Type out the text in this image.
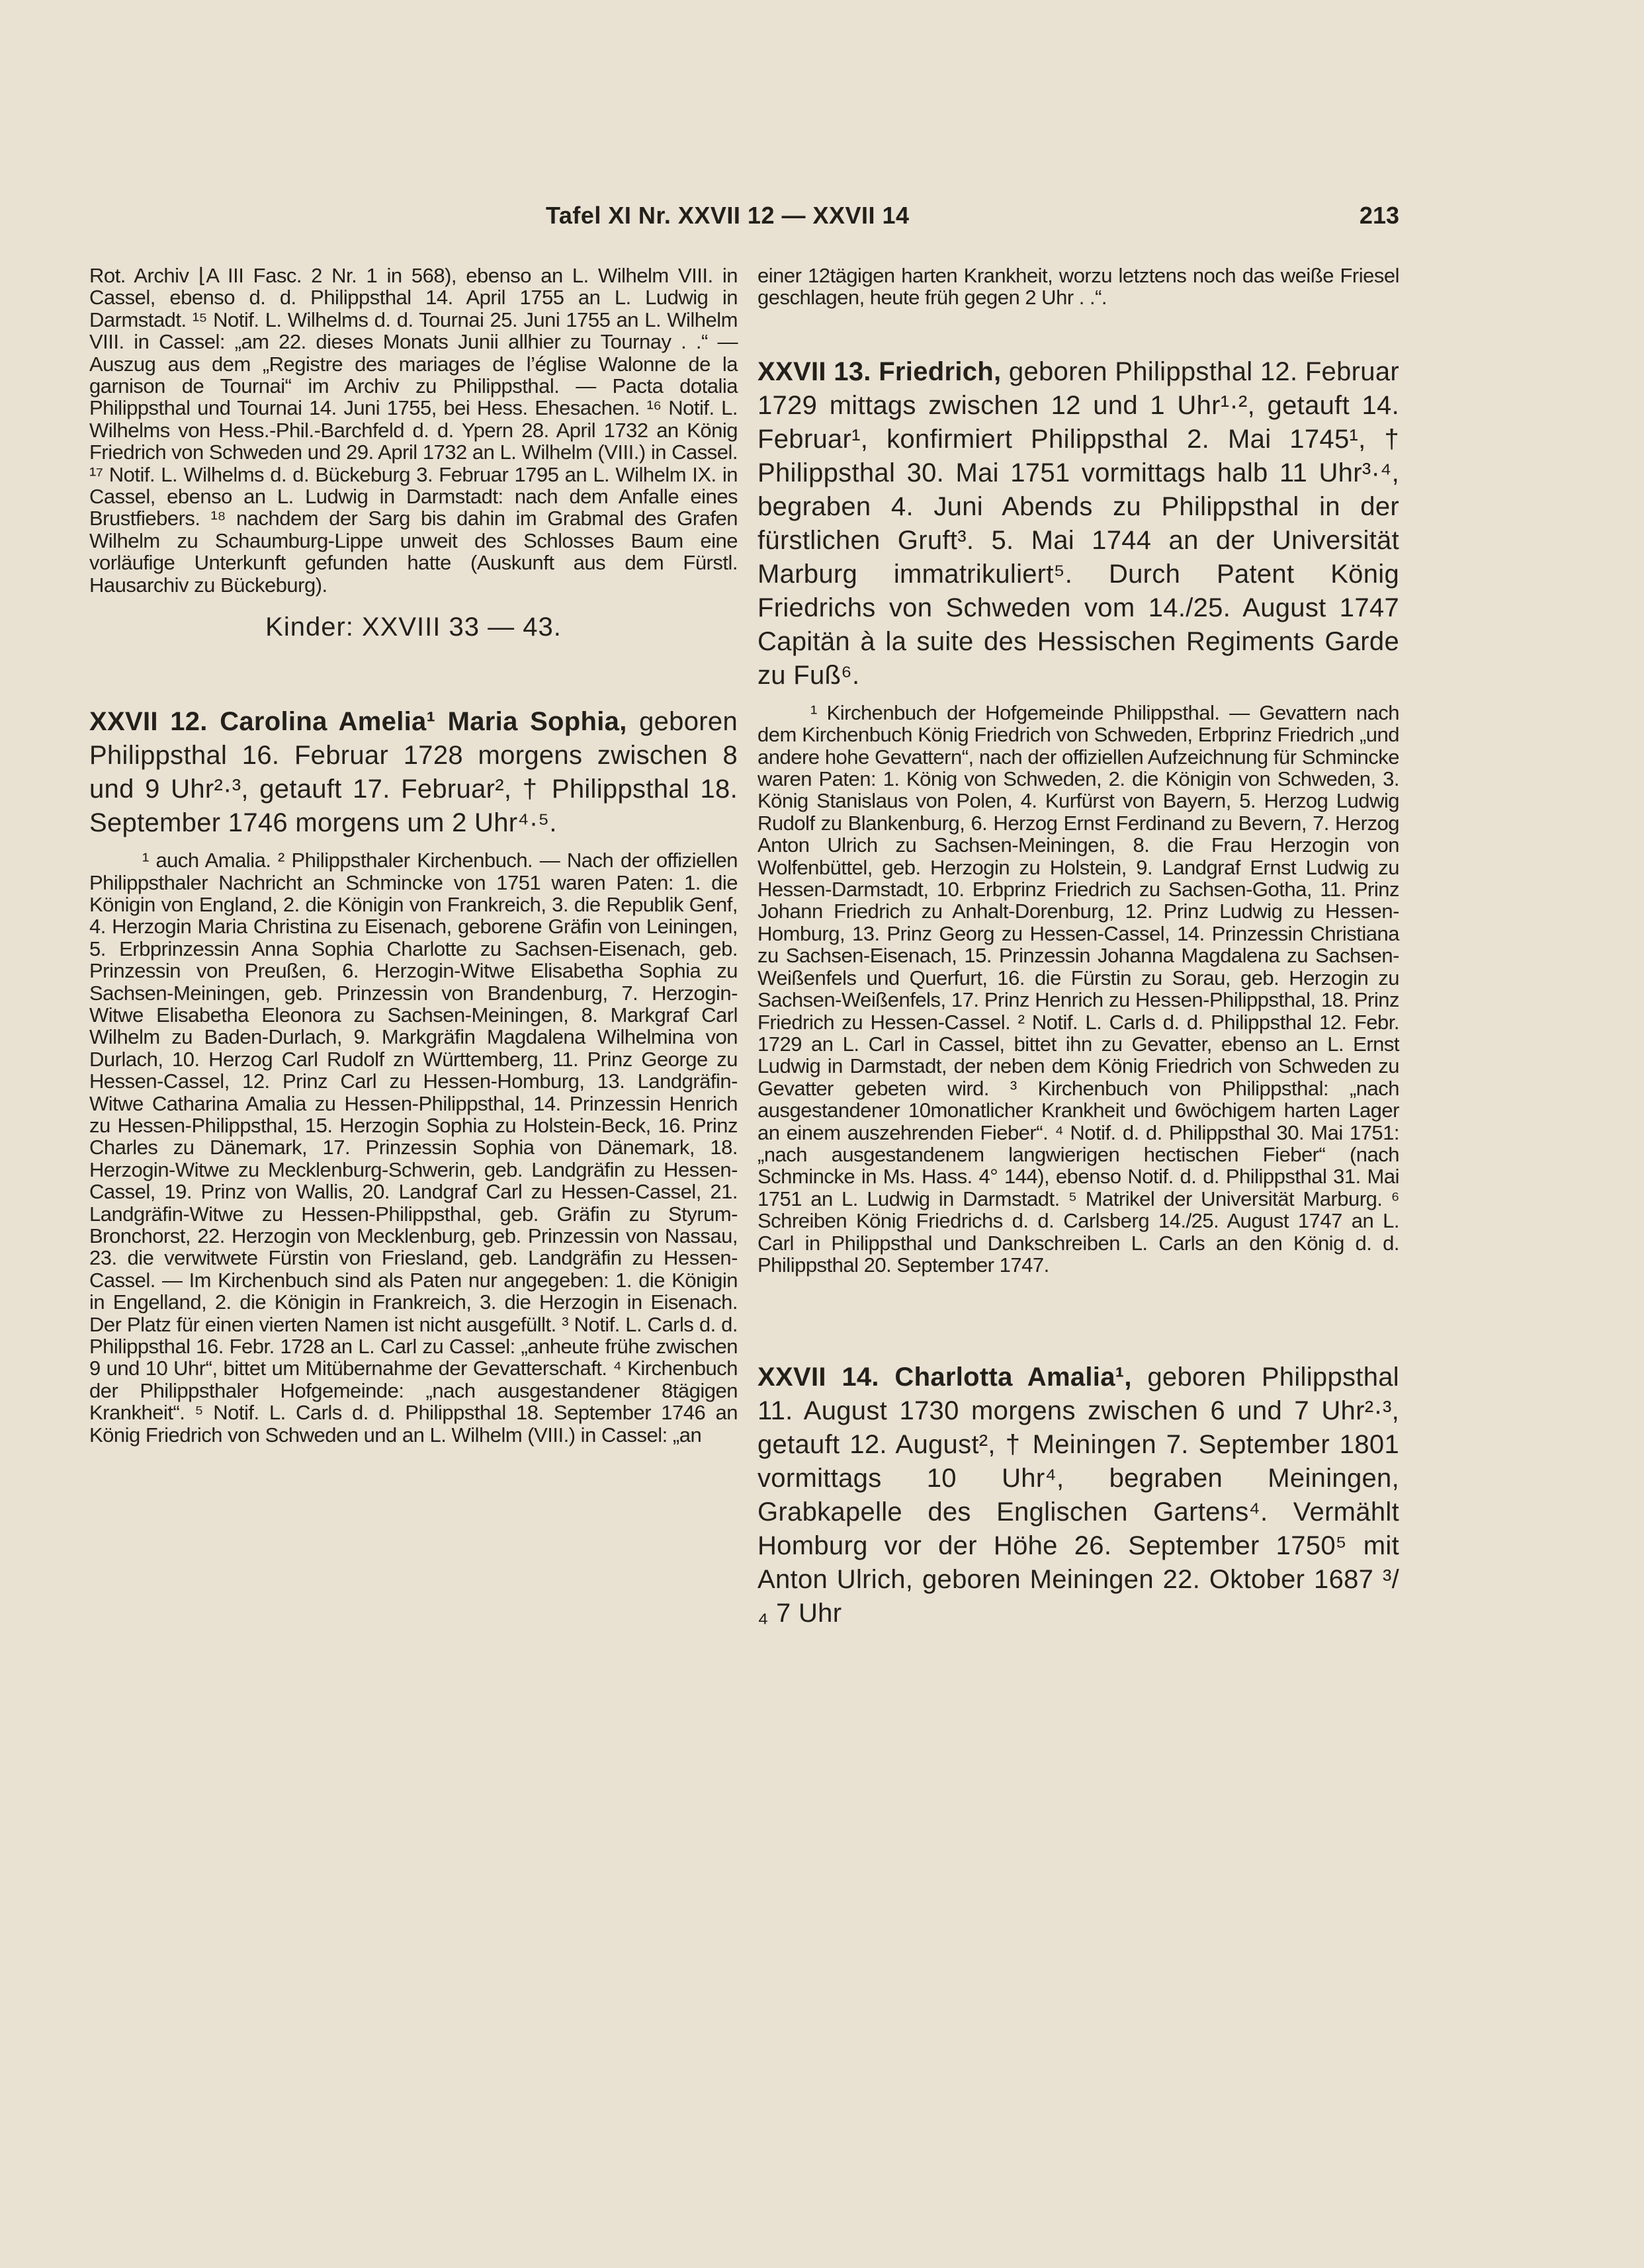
Tafel XI Nr. XXVII 12 — XXVII 14	213

Rot. Archiv ⌊A III Fasc. 2 Nr. 1 in 568), ebenso an L. Wilhelm VIII. in Cassel, ebenso d. d. Philippsthal 14. April 1755 an L. Ludwig in Darmstadt. ¹⁵ Notif. L. Wilhelms d. d. Tournai 25. Juni 1755 an L. Wilhelm VIII. in Cassel: „am 22. dieses Monats Junii allhier zu Tournay . .“ — Auszug aus dem „Registre des mariages de l’église Walonne de la garnison de Tournai“ im Archiv zu Philippsthal. — Pacta dotalia Philippsthal und Tournai 14. Juni 1755, bei Hess. Ehesachen. ¹⁶ Notif. L. Wilhelms von Hess.-Phil.-Barchfeld d. d. Ypern 28. April 1732 an König Friedrich von Schweden und 29. April 1732 an L. Wilhelm (VIII.) in Cassel. ¹⁷ Notif. L. Wilhelms d. d. Bückeburg 3. Februar 1795 an L. Wilhelm IX. in Cassel, ebenso an L. Ludwig in Darmstadt: nach dem Anfalle eines Brustfiebers. ¹⁸ nachdem der Sarg bis dahin im Grabmal des Grafen Wilhelm zu Schaumburg-Lippe unweit des Schlosses Baum eine vorläufige Unterkunft gefunden hatte (Auskunft aus dem Fürstl. Hausarchiv zu Bückeburg).

Kinder: XXVIII 33 — 43.

XXVII 12. Carolina Amelia¹ Maria Sophia, geboren Philippsthal 16. Februar 1728 morgens zwischen 8 und 9 Uhr²·³, getauft 17. Februar², † Philippsthal 18. September 1746 morgens um 2 Uhr⁴·⁵.

¹ auch Amalia. ² Philippsthaler Kirchenbuch. — Nach der offiziellen Philippsthaler Nachricht an Schmincke von 1751 waren Paten: 1. die Königin von England, 2. die Königin von Frankreich, 3. die Republik Genf, 4. Herzogin Maria Christina zu Eisenach, geborene Gräfin von Leiningen, 5. Erbprinzessin Anna Sophia Charlotte zu Sachsen-Eisenach, geb. Prinzessin von Preußen, 6. Herzogin-Witwe Elisabetha Sophia zu Sachsen-Meiningen, geb. Prinzessin von Brandenburg, 7. Herzogin-Witwe Elisabetha Eleonora zu Sachsen-Meiningen, 8. Markgraf Carl Wilhelm zu Baden-Durlach, 9. Markgräfin Magdalena Wilhelmina von Durlach, 10. Herzog Carl Rudolf zn Württemberg, 11. Prinz George zu Hessen-Cassel, 12. Prinz Carl zu Hessen-Homburg, 13. Landgräfin-Witwe Catharina Amalia zu Hessen-Philippsthal, 14. Prinzessin Henrich zu Hessen-Philippsthal, 15. Herzogin Sophia zu Holstein-Beck, 16. Prinz Charles zu Dänemark, 17. Prinzessin Sophia von Dänemark, 18. Herzogin-Witwe zu Mecklenburg-Schwerin, geb. Landgräfin zu Hessen-Cassel, 19. Prinz von Wallis, 20. Landgraf Carl zu Hessen-Cassel, 21. Landgräfin-Witwe zu Hessen-Philippsthal, geb. Gräfin zu Styrum-Bronchorst, 22. Herzogin von Mecklenburg, geb. Prinzessin von Nassau, 23. die verwitwete Fürstin von Friesland, geb. Landgräfin zu Hessen-Cassel. — Im Kirchenbuch sind als Paten nur angegeben: 1. die Königin in Engelland, 2. die Königin in Frankreich, 3. die Herzogin in Eisenach. Der Platz für einen vierten Namen ist nicht ausgefüllt. ³ Notif. L. Carls d. d. Philippsthal 16. Febr. 1728 an L. Carl zu Cassel: „anheute frühe zwischen 9 und 10 Uhr“, bittet um Mitübernahme der Gevatterschaft. ⁴ Kirchenbuch der Philippsthaler Hofgemeinde: „nach ausgestandener 8tägigen Krankheit“. ⁵ Notif. L. Carls d. d. Philippsthal 18. September 1746 an König Friedrich von Schweden und an L. Wilhelm (VIII.) in Cassel: „an

einer 12tägigen harten Krankheit, worzu letztens noch das weiße Friesel geschlagen, heute früh gegen 2 Uhr . .“.

XXVII 13. Friedrich, geboren Philippsthal 12. Februar 1729 mittags zwischen 12 und 1 Uhr¹·², getauft 14. Februar¹, konfirmiert Philippsthal 2. Mai 1745¹, † Philippsthal 30. Mai 1751 vormittags halb 11 Uhr³·⁴, begraben 4. Juni Abends zu Philippsthal in der fürstlichen Gruft³. 5. Mai 1744 an der Universität Marburg immatrikuliert⁵. Durch Patent König Friedrichs von Schweden vom 14./25. August 1747 Capitän à la suite des Hessischen Regiments Garde zu Fuß⁶.

¹ Kirchenbuch der Hofgemeinde Philippsthal. — Gevattern nach dem Kirchenbuch König Friedrich von Schweden, Erbprinz Friedrich „und andere hohe Gevattern“, nach der offiziellen Aufzeichnung für Schmincke waren Paten: 1. König von Schweden, 2. die Königin von Schweden, 3. König Stanislaus von Polen, 4. Kurfürst von Bayern, 5. Herzog Ludwig Rudolf zu Blankenburg, 6. Herzog Ernst Ferdinand zu Bevern, 7. Herzog Anton Ulrich zu Sachsen-Meiningen, 8. die Frau Herzogin von Wolfenbüttel, geb. Herzogin zu Holstein, 9. Landgraf Ernst Ludwig zu Hessen-Darmstadt, 10. Erbprinz Friedrich zu Sachsen-Gotha, 11. Prinz Johann Friedrich zu Anhalt-Dorenburg, 12. Prinz Ludwig zu Hessen-Homburg, 13. Prinz Georg zu Hessen-Cassel, 14. Prinzessin Christiana zu Sachsen-Eisenach, 15. Prinzessin Johanna Magdalena zu Sachsen-Weißenfels und Querfurt, 16. die Fürstin zu Sorau, geb. Herzogin zu Sachsen-Weißenfels, 17. Prinz Henrich zu Hessen-Philippsthal, 18. Prinz Friedrich zu Hessen-Cassel. ² Notif. L. Carls d. d. Philippsthal 12. Febr. 1729 an L. Carl in Cassel, bittet ihn zu Gevatter, ebenso an L. Ernst Ludwig in Darmstadt, der neben dem König Friedrich von Schweden zu Gevatter gebeten wird. ³ Kirchenbuch von Philippsthal: „nach ausgestandener 10monatlicher Krankheit und 6wöchigem harten Lager an einem auszehrenden Fieber“. ⁴ Notif. d. d. Philippsthal 30. Mai 1751: „nach ausgestandenem langwierigen hectischen Fieber“ (nach Schmincke in Ms. Hass. 4° 144), ebenso Notif. d. d. Philippsthal 31. Mai 1751 an L. Ludwig in Darmstadt. ⁵ Matrikel der Universität Marburg. ⁶ Schreiben König Friedrichs d. d. Carlsberg 14./25. August 1747 an L. Carl in Philippsthal und Dankschreiben L. Carls an den König d. d. Philippsthal 20. September 1747.

XXVII 14. Charlotta Amalia¹, geboren Philippsthal 11. August 1730 morgens zwischen 6 und 7 Uhr²·³, getauft 12. August², † Meiningen 7. September 1801 vormittags 10 Uhr⁴, begraben Meiningen, Grabkapelle des Englischen Gartens⁴. Vermählt Homburg vor der Höhe 26. September 1750⁵ mit Anton Ulrich, geboren Meiningen 22. Oktober 1687 ³/₄ 7 Uhr
